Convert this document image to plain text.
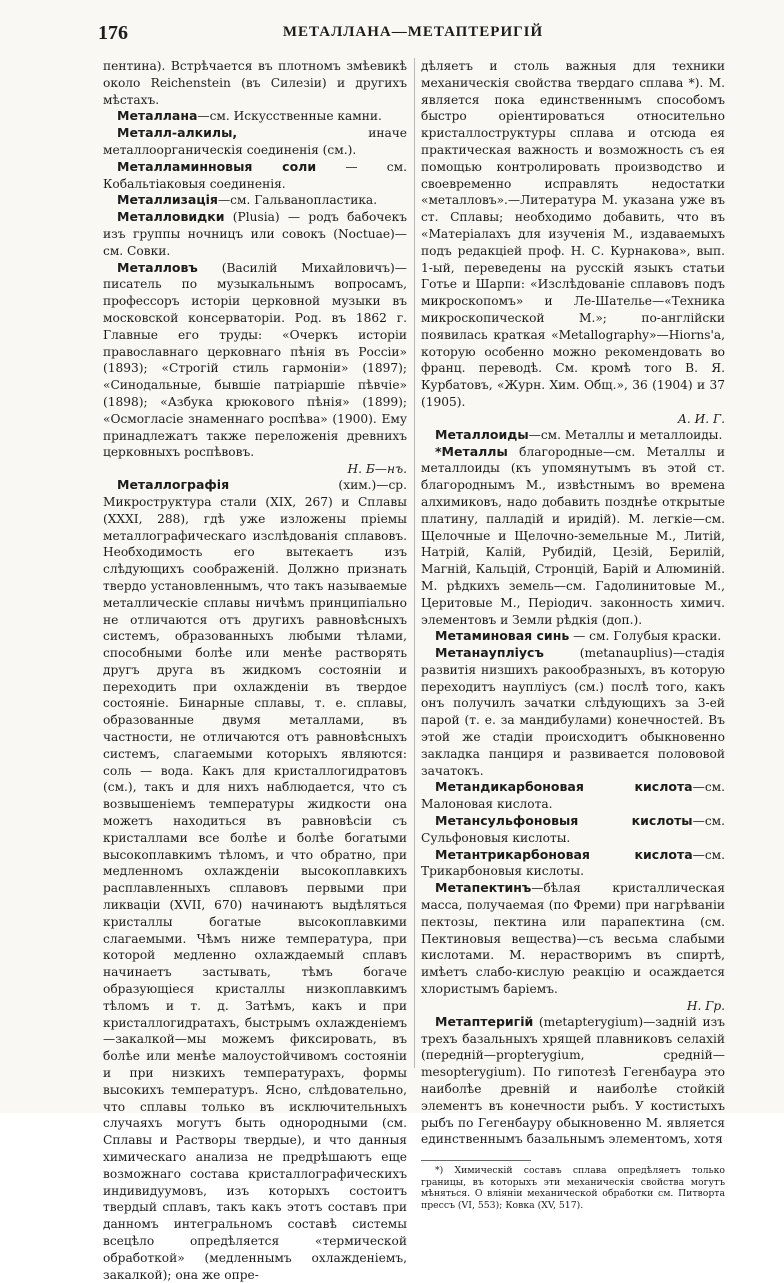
176	МЕТАЛЛАНА—МЕТАПТЕРИГІЙ

пентина). Встрѣчается въ плотномъ змѣевикѣ около Reichenstein (въ Силезіи) и другихъ мѣстахъ.

Металлана—см. Искусственные камни.

Металл-алкилы, иначе металлоорганическія соединенія (см.).

Металламинновыя соли — см. Кобальтіаковыя соединенія.

Металлизація—см. Гальванопластика.

Металловидки (Plusia) — родъ бабочекъ изъ группы ночницъ или совокъ (Noctuae)—см. Совки.

Металловъ (Василій Михайловичъ)—писатель по музыкальнымъ вопросамъ, профессоръ исторіи церковной музыки въ московской консерваторіи. Род. въ 1862 г. Главные его труды: «Очеркъ исторіи православнаго церковнаго пѣнія въ Россіи» (1893); «Строгій стиль гармоніи» (1897); «Синодальные, бывшіе патріаршіе пѣвчіе» (1898); «Азбука крюкового пѣнія» (1899); «Осмогласіе знаменнаго роспѣва» (1900). Ему принадлежатъ также переложенія древнихъ церковныхъ роспѣвовъ.

Н. Б—нъ.

Металлографія (хим.)—ср. Микроструктура стали (XIX, 267) и Сплавы (XXXI, 288), гдѣ уже изложены пріемы металлографическаго изслѣдованія сплавовъ. Необходимость его вытекаетъ изъ слѣдующихъ соображеній. Должно признать твердо установленнымъ, что такъ называемые металлическіе сплавы ничѣмъ принципіально не отличаются отъ другихъ равновѣсныхъ системъ, образованныхъ любыми тѣлами, способными болѣе или менѣе растворять другъ друга въ жидкомъ состояніи и переходить при охлажденіи въ твердое состояніе. Бинарные сплавы, т. е. сплавы, образованные двумя металлами, въ частности, не отличаются отъ равновѣсныхъ системъ, слагаемыми которыхъ являются: соль — вода. Какъ для кристаллогидратовъ (см.), такъ и для нихъ наблюдается, что съ возвышеніемъ температуры жидкости она можетъ находиться въ равновѣсіи съ кристаллами все болѣе и болѣе богатыми высокоплавкимъ тѣломъ, и что обратно, при медленномъ охлажденіи высокоплавкихъ расплавленныхъ сплавовъ первыми при ликваціи (XVII, 670) начинаютъ выдѣляться кристаллы богатые высокоплавкими слагаемыми. Чѣмъ ниже температура, при которой медленно охлаждаемый сплавъ начинаетъ застывать, тѣмъ богаче образующіеся кристаллы низкоплавкимъ тѣломъ и т. д. Затѣмъ, какъ и при кристаллогидратахъ, быстрымъ охлажденіемъ —закалкой—мы можемъ фиксировать, въ болѣе или менѣе малоустойчивомъ состояніи и при низкихъ температурахъ, формы высокихъ температуръ. Ясно, слѣдовательно, что сплавы только въ исключительныхъ случаяхъ могутъ быть однородными (см. Сплавы и Растворы твердые), и что данныя химическаго анализа не предрѣшаютъ еще возможнаго состава кристаллографическихъ индивидуумовъ, изъ которыхъ состоитъ твердый сплавъ, такъ какъ этотъ составъ при данномъ интегральномъ составѣ системы всецѣло опредѣляется «термической обработкой» (медленнымъ охлажденіемъ, закалкой); она же опре-

дѣляетъ и столь важныя для техники механическія свойства твердаго сплава *). М. является пока единственнымъ способомъ быстро оріентироваться относительно кристаллоструктуры сплава и отсюда ея практическая важность и возможность съ ея помощью контролировать производство и своевременно исправлять недостатки «металловъ».—Литература М. указана уже въ ст. Сплавы; необходимо добавить, что въ «Матеріалахъ для изученія М., издаваемыхъ подъ редакціей проф. Н. С. Курнакова», вып. 1-ый, переведены на русскій языкъ статьи Готье и Шарпи: «Изслѣдованіе сплавовъ подъ микроскопомъ» и Ле-Шателье—«Техника микроскопической М.»; по-англійски появилась краткая «Metallography»—Hiorns'а, которую особенно можно рекомендовать во франц. переводѣ. См. кромѣ того В. Я. Курбатовъ, «Журн. Хим. Общ.», 36 (1904) и 37 (1905).

А. И. Г.

Металлоиды—см. Металлы и металлоиды.

*Металлы благородные—см. Металлы и металлоиды (къ упомянутымъ въ этой ст. благороднымъ М., извѣстнымъ во времена алхимиковъ, надо добавить позднѣе открытые платину, палладій и иридій). М. легкіе—см. Щелочные и Щелочно-земельные М., Литій, Натрій, Калій, Рубидій, Цезій, Берилій, Магній, Кальцій, Стронцій, Барій и Алюминій. М. рѣдкихъ земель—см. Гадолинитовые М., Церитовые М., Періодич. законность химич. элементовъ и Земли рѣдкія (доп.).

Метаминовая синь — см. Голубыя краски.

Метанаупліусъ (metanauplius)—стадія развитія низшихъ ракообразныхъ, въ которую переходитъ наупліусъ (см.) послѣ того, какъ онъ получилъ зачатки слѣдующихъ за 3-ей парой (т. е. за мандибулами) конечностей. Въ этой же стадіи происходитъ обыкновенно закладка панциря и развивается полововой зачатокъ.

Метандикарбоновая кислота—см. Малоновая кислота.

Метансульфоновыя кислоты—см. Сульфоновыя кислоты.

Метантрикарбоновая кислота—см. Трикарбоновыя кислоты.

Метапектинъ—бѣлая кристаллическая масса, получаемая (по Фреми) при нагрѣваніи пектозы, пектина или парапектина (см. Пектиновыя вещества)—съ весьма слабыми кислотами. М. нерастворимъ въ спиртѣ, имѣетъ слабо-кислую реакцію и осаждается хлористымъ баріемъ.

Н. Гр.

Метаптеригій (metapterygium)—задній изъ трехъ базальныхъ хрящей плавниковъ селахій (передній—propterygium, средній—mesopterygium). По гипотезѣ Гегенбаура это наиболѣе древній и наиболѣе стойкій элементъ въ конечности рыбъ. У костистыхъ рыбъ по Гегенбауру обыкновенно М. является единственнымъ базальнымъ элементомъ, хотя

*) Химическій составъ сплава опредѣляетъ только границы, въ которыхъ эти механическія свойства могутъ мѣняться. О вліяніи механической обработки см. Питворта прессъ (VI, 553); Ковка (XV, 517).
